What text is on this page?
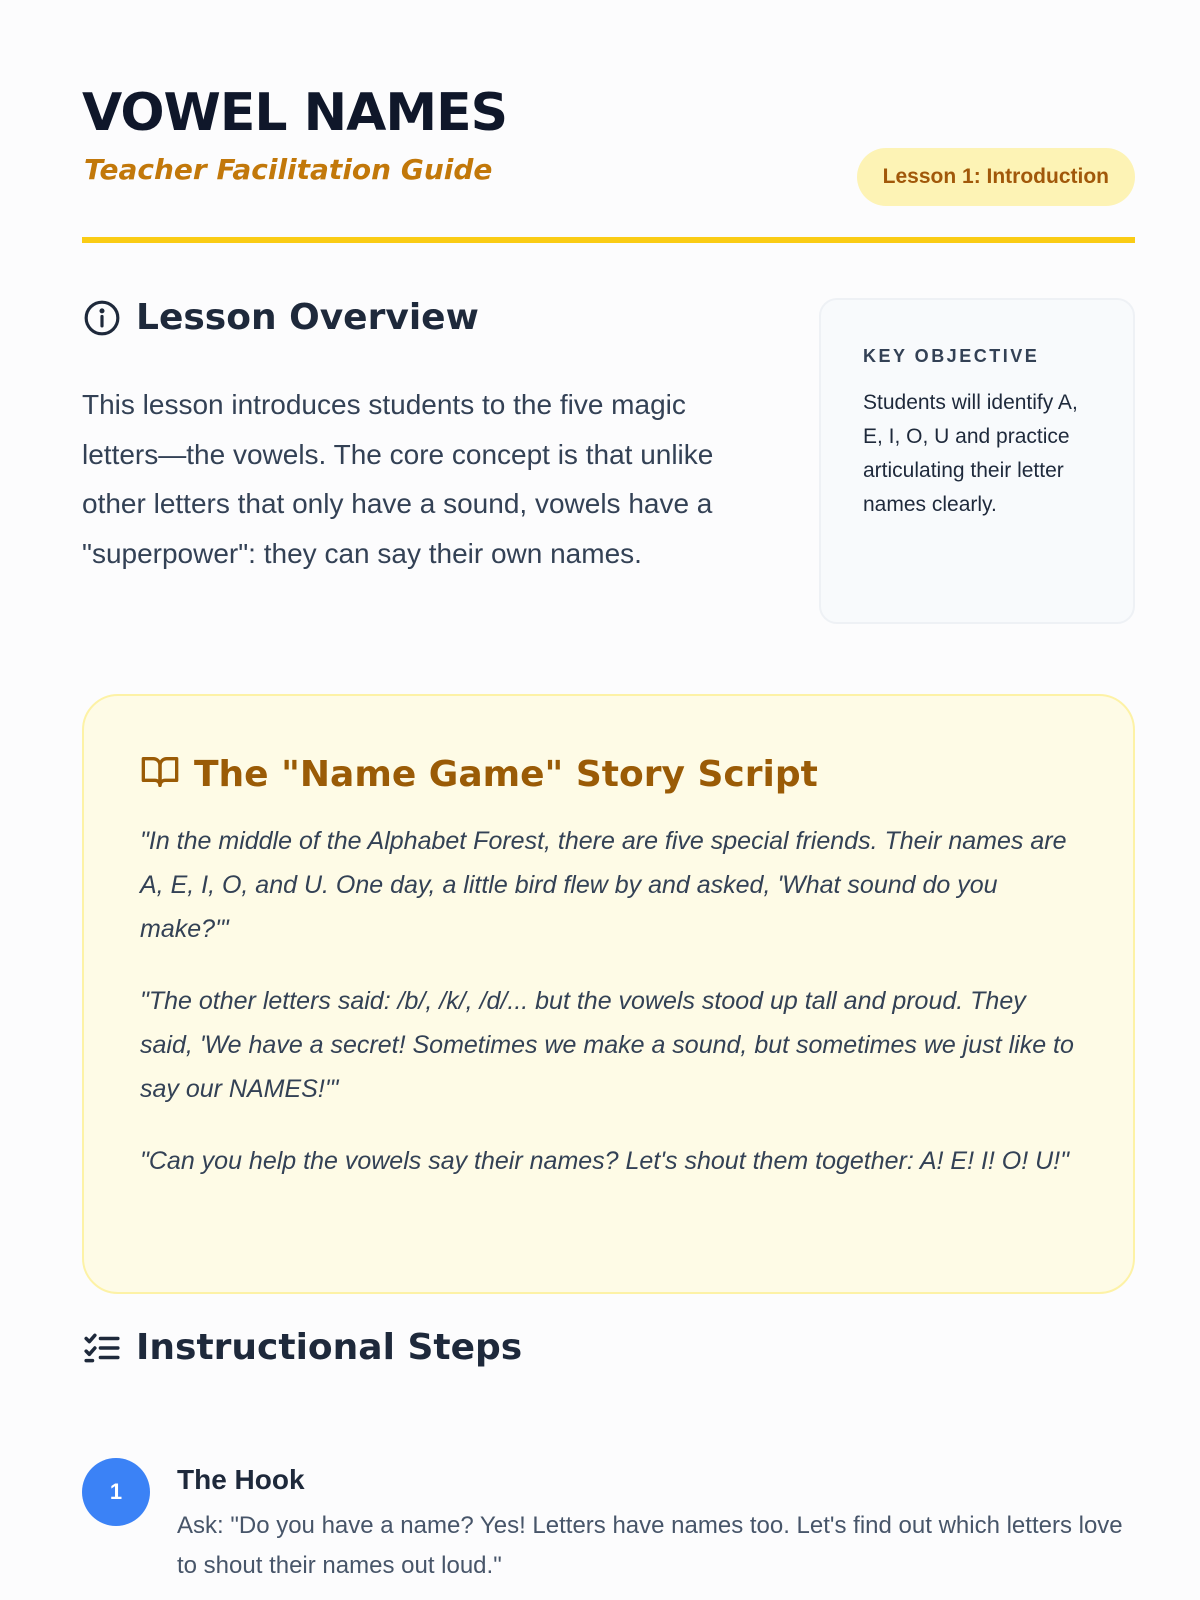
VOWEL NAMES
Teacher Facilitation Guide	Lesson 1: Introduction
Lesson Overview

This lesson introduces students to the five magic letters—the vowels. The core concept is that unlike other letters that only have a sound, vowels have a "superpower": they can say their own names.

KEY OBJECTIVE
Students will identify A, E, I, O, U and practice articulating their letter names clearly.
The "Name Game" Story Script

"In the middle of the Alphabet Forest, there are five special friends. Their names are A, E, I, O, and U. One day, a little bird flew by and asked, 'What sound do you make?'"

"The other letters said: /b/, /k/, /d/... but the vowels stood up tall and proud. They said, 'We have a secret! Sometimes we make a sound, but sometimes we just like to say our NAMES!'"

"Can you help the vowels say their names? Let's shout them together: A! E! I! O! U!"

Instructional Steps
1	The Hook
Ask: "Do you have a name? Yes! Letters have names too. Let's find out which letters love to shout their names out loud."
